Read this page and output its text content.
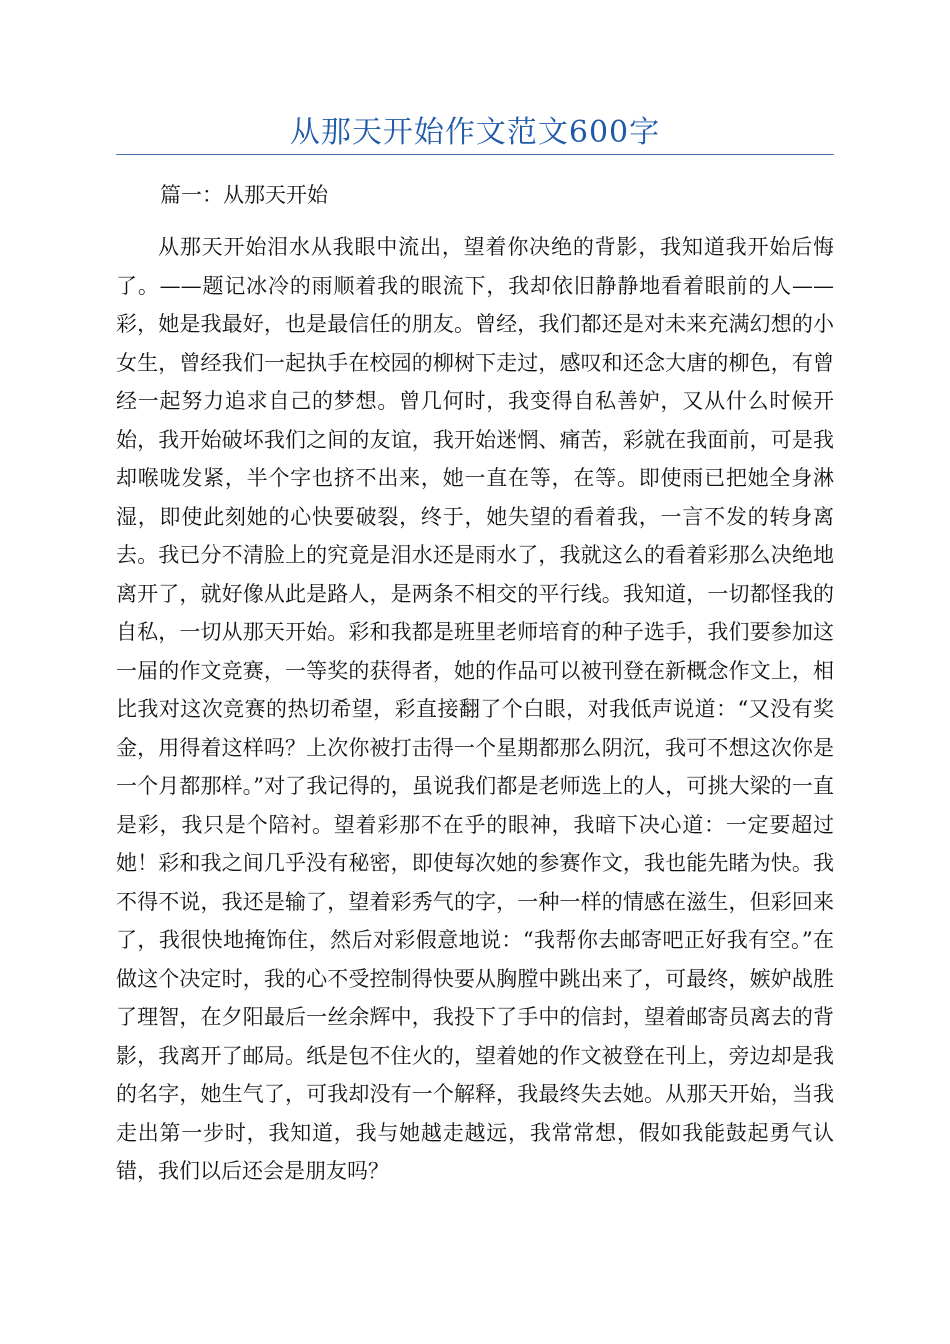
从那天开始作文范文600字

篇一：从那天开始

从那天开始泪水从我眼中流出，望着你决绝的背影，我知道我开始后悔了。——题记冰冷的雨顺着我的眼流下，我却依旧静静地看着眼前的人——彩，她是我最好，也是最信任的朋友。曾经，我们都还是对未来充满幻想的小女生，曾经我们一起执手在校园的柳树下走过，感叹和还念大唐的柳色，有曾经一起努力追求自己的梦想。曾几何时，我变得自私善妒，又从什么时候开始，我开始破坏我们之间的友谊，我开始迷惘、痛苦，彩就在我面前，可是我却喉咙发紧，半个字也挤不出来，她一直在等，在等。即使雨已把她全身淋湿，即使此刻她的心快要破裂，终于，她失望的看着我，一言不发的转身离去。我已分不清脸上的究竟是泪水还是雨水了，我就这么的看着彩那么决绝地离开了，就好像从此是路人，是两条不相交的平行线。我知道，一切都怪我的自私，一切从那天开始。彩和我都是班里老师培育的种子选手，我们要参加这一届的作文竞赛，一等奖的获得者，她的作品可以被刊登在新概念作文上，相比我对这次竞赛的热切希望，彩直接翻了个白眼，对我低声说道：“又没有奖金，用得着这样吗？上次你被打击得一个星期都那么阴沉，我可不想这次你是一个月都那样。”对了我记得的，虽说我们都是老师选上的人，可挑大梁的一直是彩，我只是个陪衬。望着彩那不在乎的眼神，我暗下决心道：一定要超过她！彩和我之间几乎没有秘密，即使每次她的参赛作文，我也能先睹为快。我不得不说，我还是输了，望着彩秀气的字，一种一样的情感在滋生，但彩回来了，我很快地掩饰住，然后对彩假意地说：“我帮你去邮寄吧正好我有空。”在做这个决定时，我的心不受控制得快要从胸膛中跳出来了，可最终，嫉妒战胜了理智，在夕阳最后一丝余辉中，我投下了手中的信封，望着邮寄员离去的背影，我离开了邮局。纸是包不住火的，望着她的作文被登在刊上，旁边却是我的名字，她生气了，可我却没有一个解释，我最终失去她。从那天开始，当我走出第一步时，我知道，我与她越走越远，我常常想，假如我能鼓起勇气认错，我们以后还会是朋友吗？
